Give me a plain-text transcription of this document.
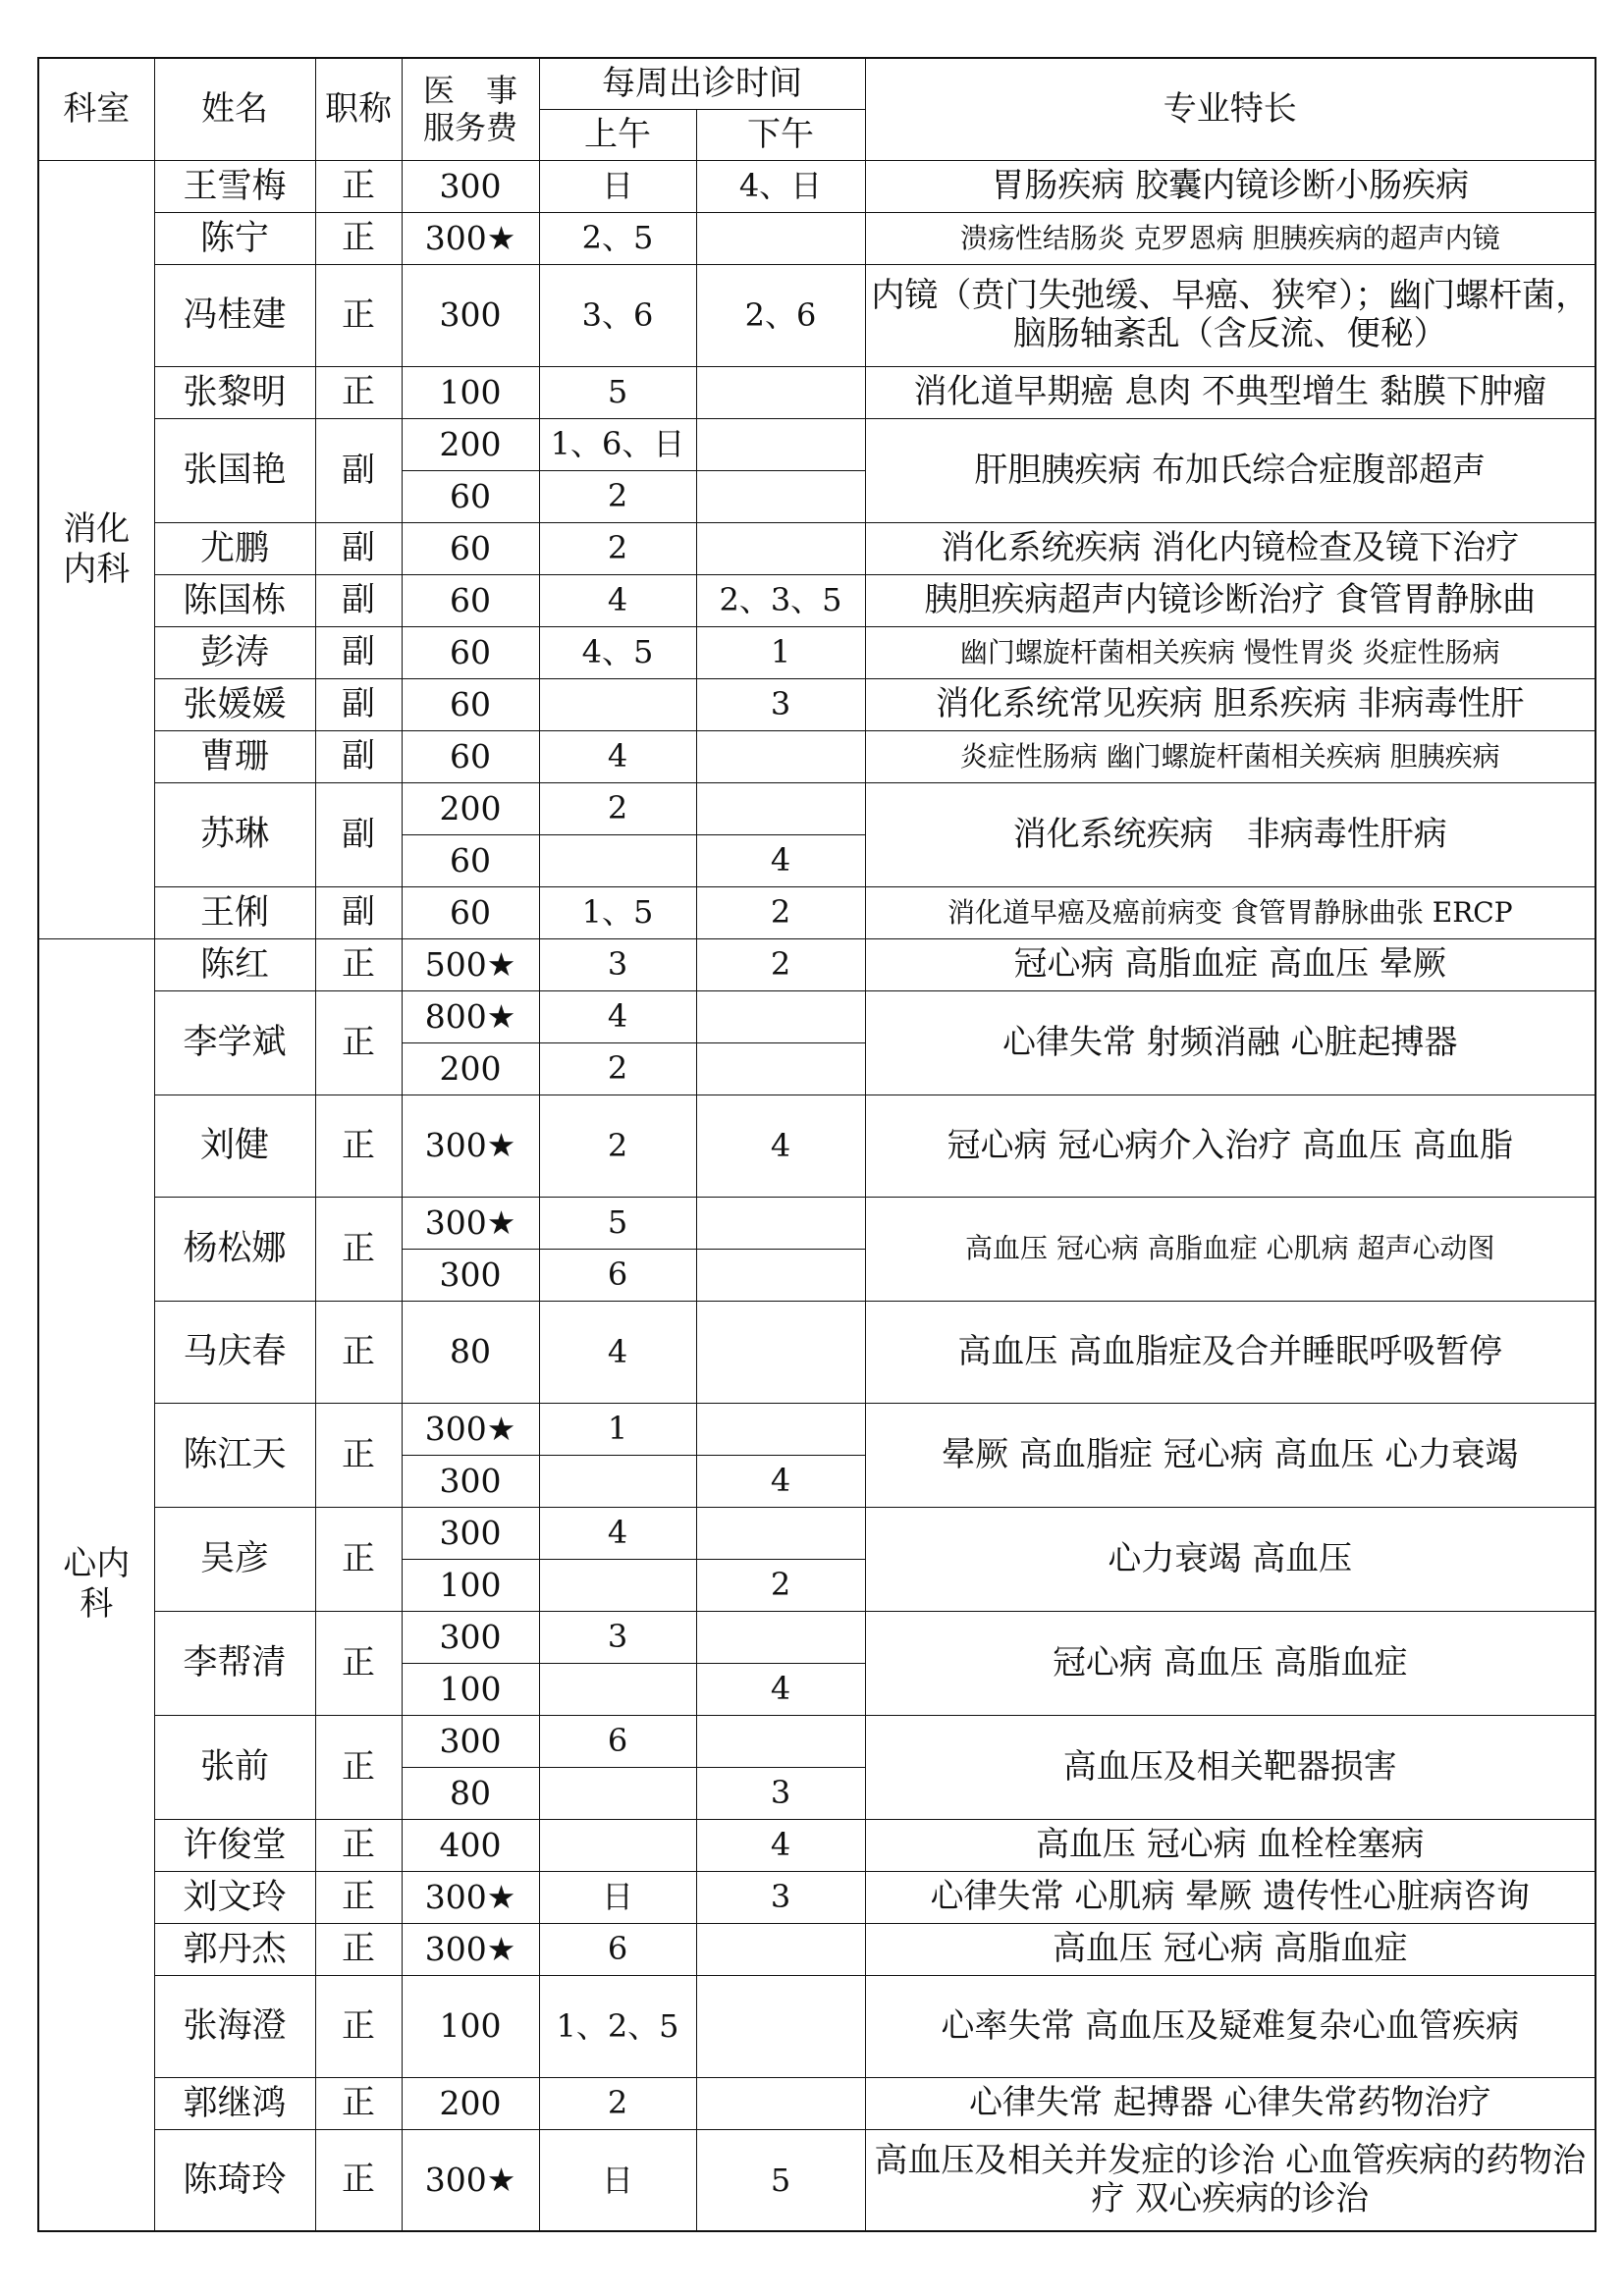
科室	姓名	职称	医　事
服务费	每周出诊时间		专业特长
				上午	下午	
消化
内科	王雪梅	正	300	日	4、日	胃肠疾病 胶囊内镜诊断小肠疾病
	陈宁	正	300★	2、5		溃疡性结肠炎 克罗恩病 胆胰疾病的超声内镜
	冯桂建	正	300	3、6	2、6	内镜（贲门失弛缓、早癌、狭窄）；幽门螺杆菌，脑肠轴紊乱（含反流、便秘）
	张黎明	正	100	5		消化道早期癌 息肉 不典型增生 黏膜下肿瘤
	张国艳	副	200	1、6、日		肝胆胰疾病 布加氏综合症腹部超声
			60	2		
	尤鹏	副	60	2		消化系统疾病 消化内镜检查及镜下治疗
	陈国栋	副	60	4	2、3、5	胰胆疾病超声内镜诊断治疗 食管胃静脉曲
	彭涛	副	60	4、5	1	幽门螺旋杆菌相关疾病 慢性胃炎 炎症性肠病
	张媛媛	副	60		3	消化系统常见疾病 胆系疾病 非病毒性肝
	曹珊	副	60	4		炎症性肠病 幽门螺旋杆菌相关疾病 胆胰疾病
	苏琳	副	200	2		消化系统疾病　非病毒性肝病
			60		4	
	王俐	副	60	1、5	2	消化道早癌及癌前病变 食管胃静脉曲张 ERCP
心内
科	陈红	正	500★	3	2	冠心病 高脂血症 高血压 晕厥
	李学斌	正	800★	4		心律失常 射频消融 心脏起搏器
			200	2		
	刘健	正	300★	2	4	冠心病 冠心病介入治疗 高血压 高血脂
	杨松娜	正	300★	5		高血压 冠心病 高脂血症 心肌病 超声心动图
			300	6		
	马庆春	正	80	4		高血压 高血脂症及合并睡眠呼吸暂停
	陈江天	正	300★	1		晕厥 高血脂症 冠心病 高血压 心力衰竭
			300		4	
	吴彦	正	300	4		心力衰竭 高血压
			100		2	
	李帮清	正	300	3		冠心病 高血压 高脂血症
			100		4	
	张前	正	300	6		高血压及相关靶器损害
			80		3	
	许俊堂	正	400		4	高血压 冠心病 血栓栓塞病
	刘文玲	正	300★	日	3	心律失常 心肌病 晕厥 遗传性心脏病咨询
	郭丹杰	正	300★	6		高血压 冠心病 高脂血症
	张海澄	正	100	1、2、5		心率失常 高血压及疑难复杂心血管疾病
	郭继鸿	正	200	2		心律失常 起搏器 心律失常药物治疗
	陈琦玲	正	300★	日	5	高血压及相关并发症的诊治 心血管疾病的药物治疗 双心疾病的诊治
